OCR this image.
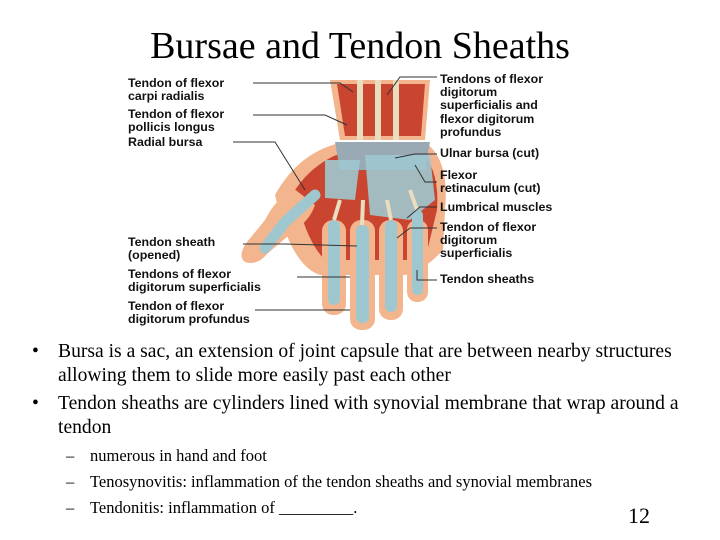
Bursae and Tendon Sheaths
Tendon of flexor
carpi radialis
Tendon of flexor
pollicis longus
Radial bursa
Tendon sheath
(opened)
Tendons of flexor
digitorum superficialis
Tendon of flexor
digitorum profundus
Tendons of flexor
digitorum
superficialis and
flexor digitorum
profundus
Ulnar bursa (cut)
Flexor
retinaculum (cut)
Lumbrical muscles
Tendon of flexor
digitorum
superficialis
Tendon sheaths
• Bursa is a sac, an extension of joint capsule that are between nearby structures allowing them to slide more easily past each other
• Tendon sheaths are cylinders lined with synovial membrane that wrap around a tendon
– numerous in hand and foot
– Tenosynovitis: inflammation of the tendon sheaths and synovial membranes
– Tendonitis: inflammation of _________.	12
